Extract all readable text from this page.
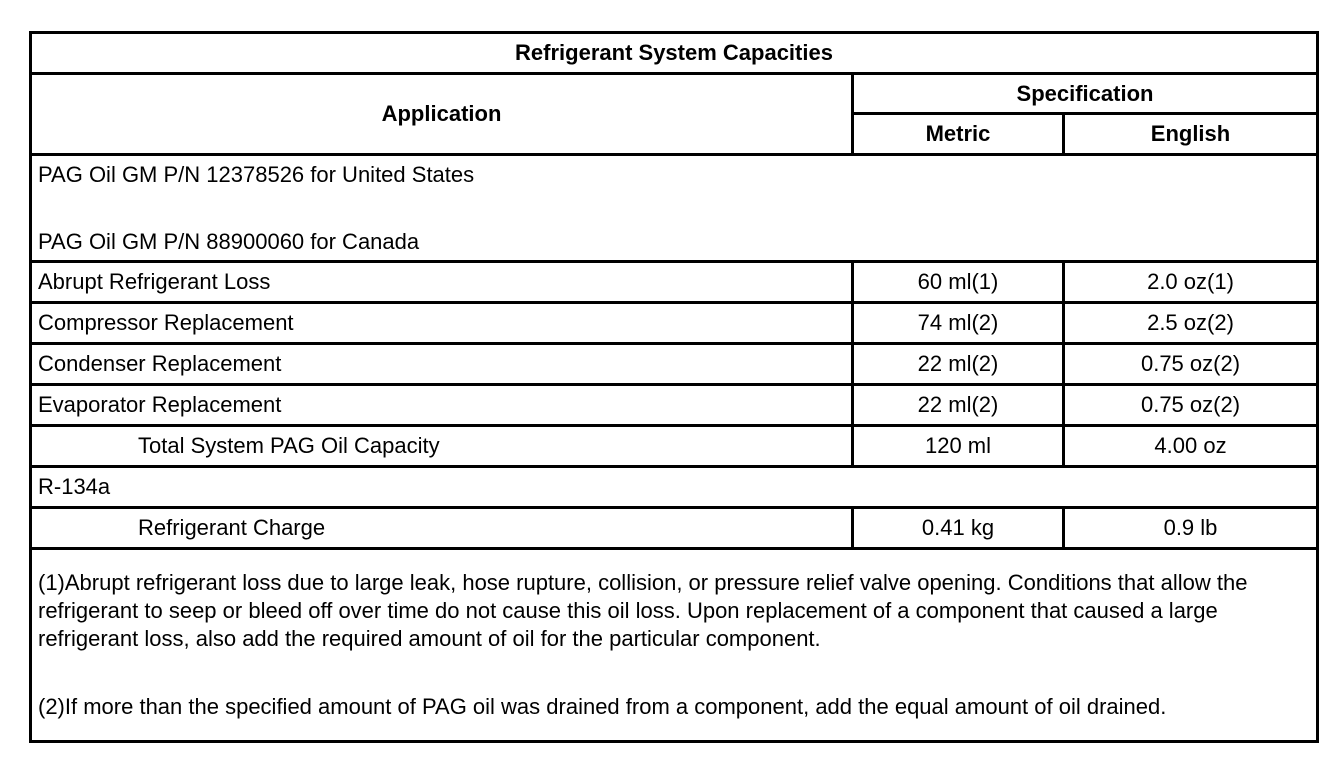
Refrigerant System Capacities		
Application	Specification	
	Metric	English

PAG Oil GM P/N 12378526 for United States
PAG Oil GM P/N 88900060 for Canada		

Abrupt Refrigerant Loss	60 ml(1)	2.0 oz(1)
Compressor Replacement	74 ml(2)	2.5 oz(2)
Condenser Replacement	22 ml(2)	0.75 oz(2)
Evaporator Replacement	22 ml(2)	0.75 oz(2)
Total System PAG Oil Capacity	120 ml	4.00 oz
R-134a		
Refrigerant Charge	0.41 kg	0.9 lb

(1)Abrupt refrigerant loss due to large leak, hose rupture, collision, or pressure relief valve opening. Conditions that allow the refrigerant to seep or bleed off over time do not cause this oil loss. Upon replacement of a component that caused a large refrigerant loss, also add the required amount of oil for the particular component.
(2)If more than the specified amount of PAG oil was drained from a component, add the equal amount of oil drained.		
